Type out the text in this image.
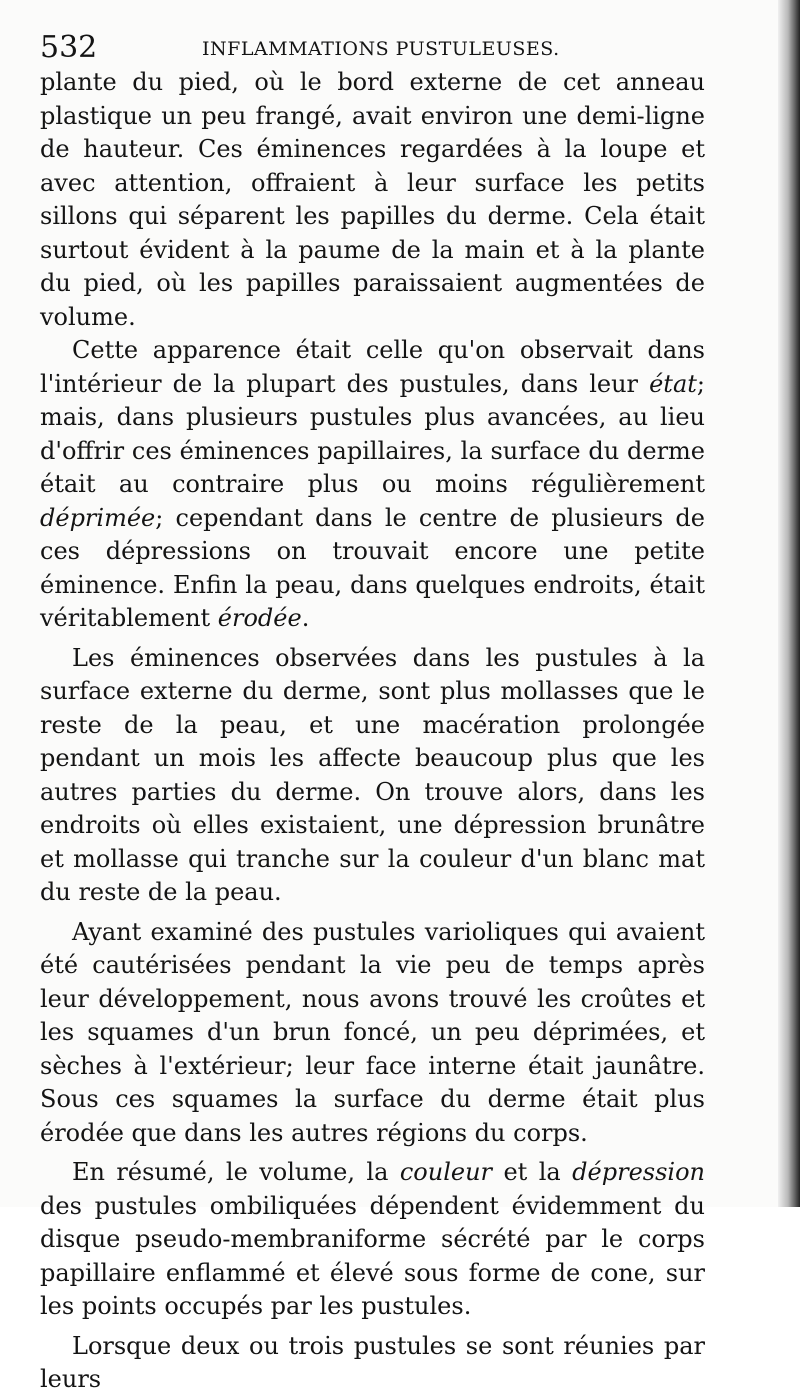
532	INFLAMMATIONS PUSTULEUSES.

plante du pied, où le bord externe de cet anneau plastique un peu frangé, avait environ une demi-ligne de hauteur. Ces éminences regardées à la loupe et avec attention, offraient à leur surface les petits sillons qui séparent les papilles du derme. Cela était surtout évident à la paume de la main et à la plante du pied, où les papilles paraissaient augmentées de volume.

Cette apparence était celle qu'on observait dans l'intérieur de la plupart des pustules, dans leur état; mais, dans plusieurs pustules plus avancées, au lieu d'offrir ces éminences papillaires, la surface du derme était au contraire plus ou moins régulièrement déprimée; cependant dans le centre de plusieurs de ces dépressions on trouvait encore une petite éminence. Enfin la peau, dans quelques endroits, était véritablement érodée.

Les éminences observées dans les pustules à la surface externe du derme, sont plus mollasses que le reste de la peau, et une macération prolongée pendant un mois les affecte beaucoup plus que les autres parties du derme. On trouve alors, dans les endroits où elles existaient, une dépression brunâtre et mollasse qui tranche sur la couleur d'un blanc mat du reste de la peau.

Ayant examiné des pustules varioliques qui avaient été cautérisées pendant la vie peu de temps après leur développement, nous avons trouvé les croûtes et les squames d'un brun foncé, un peu déprimées, et sèches à l'extérieur; leur face interne était jaunâtre. Sous ces squames la surface du derme était plus érodée que dans les autres régions du corps.

En résumé, le volume, la couleur et la dépression des pustules ombiliquées dépendent évidemment du disque pseudo-membraniforme sécrété par le corps papillaire enflammé et élevé sous forme de cone, sur les points occupés par les pustules.

Lorsque deux ou trois pustules se sont réunies par leurs
